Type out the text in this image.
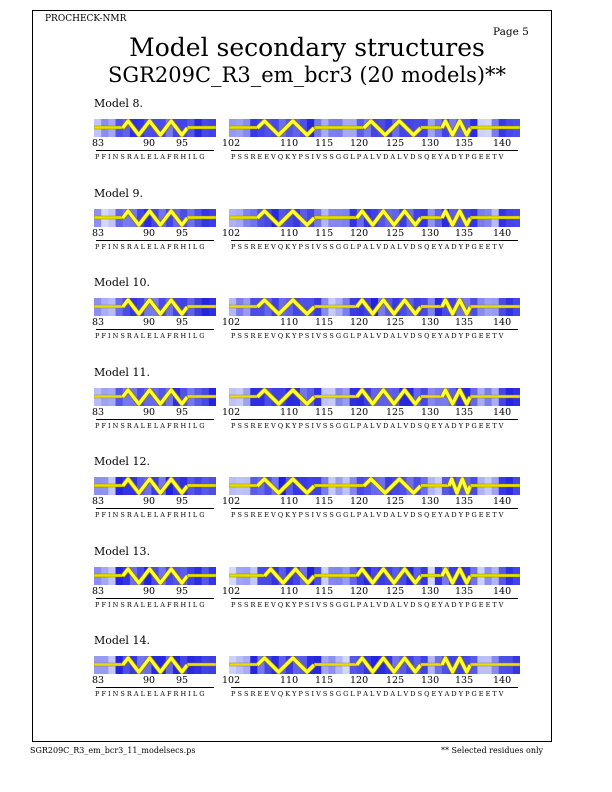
PROCHECK-NMR
Page 5
Model secondary structures
SGR209C_R3_em_bcr3 (20 models)**
Model 8.
83	90 95
P F I N S R A L E L A F R H I L G
102	110 115 120 125 130 135 140
P S S R E E V Q K Y P S I V S S G G L P A L V D A L V D S Q E Y A D Y P G E E T V
Model 9.
83	90 95
P F I N S R A L E L A F R H I L G
102	110 115 120 125 130 135 140
P S S R E E V Q K Y P S I V S S G G L P A L V D A L V D S Q E Y A D Y P G E E T V
Model 10.
83	90 95
P F I N S R A L E L A F R H I L G
102	110 115 120 125 130 135 140
P S S R E E V Q K Y P S I V S S G G L P A L V D A L V D S Q E Y A D Y P G E E T V
Model 11.
83	90 95
P F I N S R A L E L A F R H I L G
102	110 115 120 125 130 135 140
P S S R E E V Q K Y P S I V S S G G L P A L V D A L V D S Q E Y A D Y P G E E T V
Model 12.
83	90 95
P F I N S R A L E L A F R H I L G
102	110 115 120 125 130 135 140
P S S R E E V Q K Y P S I V S S G G L P A L V D A L V D S Q E Y A D Y P G E E T V
Model 13.
83	90 95
P F I N S R A L E L A F R H I L G
102	110 115 120 125 130 135 140
P S S R E E V Q K Y P S I V S S G G L P A L V D A L V D S Q E Y A D Y P G E E T V
Model 14.
83	90 95
P F I N S R A L E L A F R H I L G
102	110 115 120 125 130 135 140
P S S R E E V Q K Y P S I V S S G G L P A L V D A L V D S Q E Y A D Y P G E E T V
SGR209C_R3_em_bcr3_11_modelsecs.ps	** Selected residues only
